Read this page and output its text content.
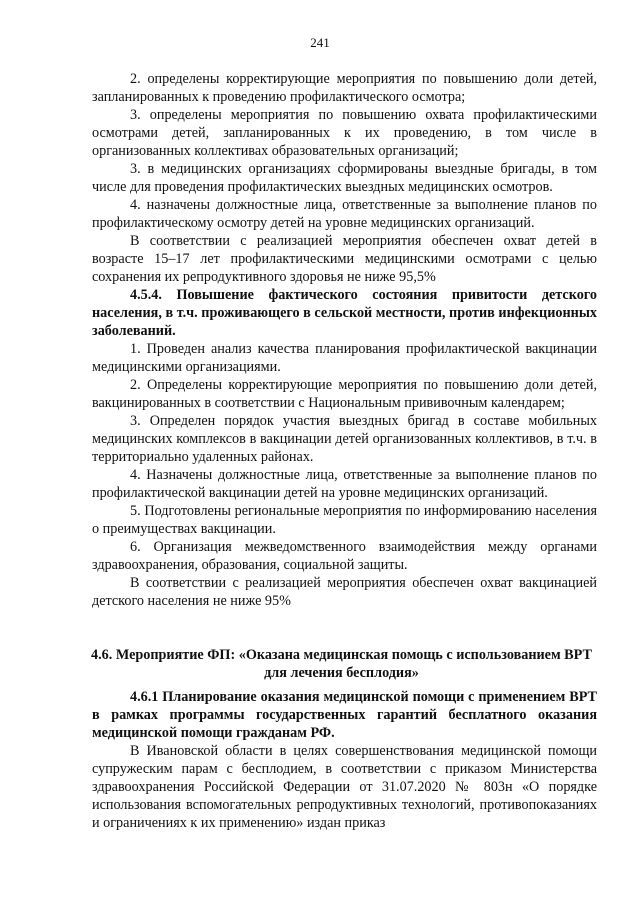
241

2. определены корректирующие мероприятия по повышению доли детей, запланированных к проведению профилактического осмотра;

3. определены мероприятия по повышению охвата профилактическими осмотрами детей, запланированных к их проведению, в том числе в организованных коллективах образовательных организаций;

3. в медицинских организациях сформированы выездные бригады, в том числе для проведения профилактических выездных медицинских осмотров.

4. назначены должностные лица, ответственные за выполнение планов по профилактическому осмотру детей на уровне медицинских организаций.

В соответствии с реализацией мероприятия обеспечен охват детей в возрасте 15–17 лет профилактическими медицинскими осмотрами с целью сохранения их репродуктивного здоровья не ниже 95,5%

4.5.4. Повышение фактического состояния привитости детского населения, в т.ч. проживающего в сельской местности, против инфекционных заболеваний.

1. Проведен анализ качества планирования профилактической вакцинации медицинскими организациями.

2. Определены корректирующие мероприятия по повышению доли детей, вакцинированных в соответствии с Национальным прививочным календарем;

3. Определен порядок участия выездных бригад в составе мобильных медицинских комплексов в вакцинации детей организованных коллективов, в т.ч. в территориально удаленных районах.

4. Назначены должностные лица, ответственные за выполнение планов по профилактической вакцинации детей на уровне медицинских организаций.

5. Подготовлены региональные мероприятия по информированию населения о преимуществах вакцинации.

6. Организация межведомственного взаимодействия между органами здравоохранения, образования, социальной защиты.

В соответствии с реализацией мероприятия обеспечен охват вакцинацией детского населения не ниже 95%

4.6. Мероприятие ФП: «Оказана медицинская помощь с использованием ВРТ для лечения бесплодия»

4.6.1 Планирование оказания медицинской помощи с применением ВРТ в рамках программы государственных гарантий бесплатного оказания медицинской помощи гражданам РФ.

В Ивановской области в целях совершенствования медицинской помощи супружеским парам с бесплодием, в соответствии с приказом Министерства здравоохранения Российской Федерации от 31.07.2020 № 803н «О порядке использования вспомогательных репродуктивных технологий, противопоказаниях и ограничениях к их применению» издан приказ
